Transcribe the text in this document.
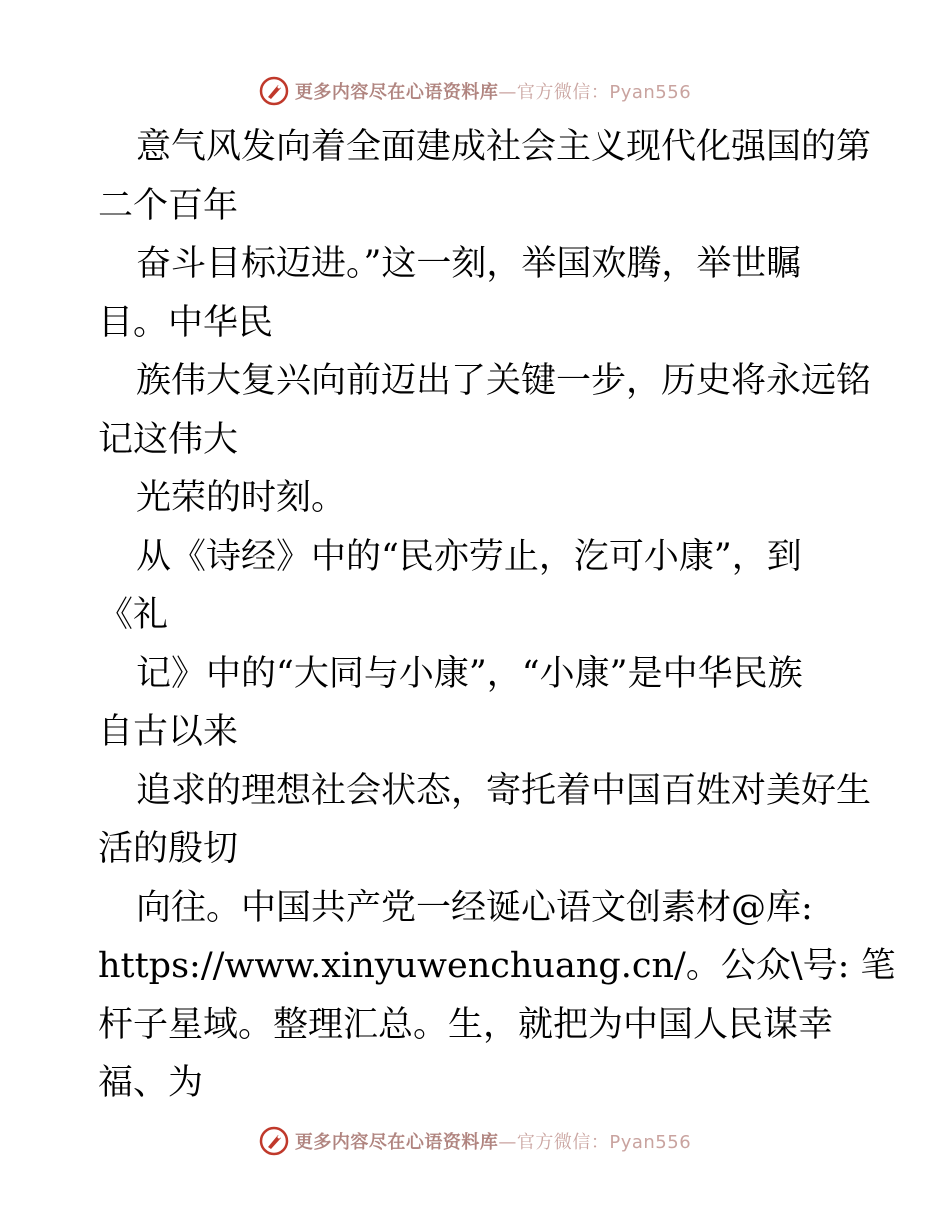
更多内容尽在心语资料库—官方微信：Pyan556
意气风发向着全面建成社会主义现代化强国的第
二个百年
奋斗目标迈进。”这一刻，举国欢腾，举世瞩
目。中华民
族伟大复兴向前迈出了关键一步，历史将永远铭
记这伟大
光荣的时刻。
从《诗经》中的“民亦劳止，汔可小康”，到
《礼
记》中的“大同与小康”，“小康”是中华民族
自古以来
追求的理想社会状态，寄托着中国百姓对美好生
活的殷切
向往。中国共产党一经诞心语文创素材@库:
https://www.xinyuwenchuang.cn/。公众\号: 笔
杆子星域。整理汇总。生，就把为中国人民谋幸
福、为
更多内容尽在心语资料库—官方微信：Pyan556
